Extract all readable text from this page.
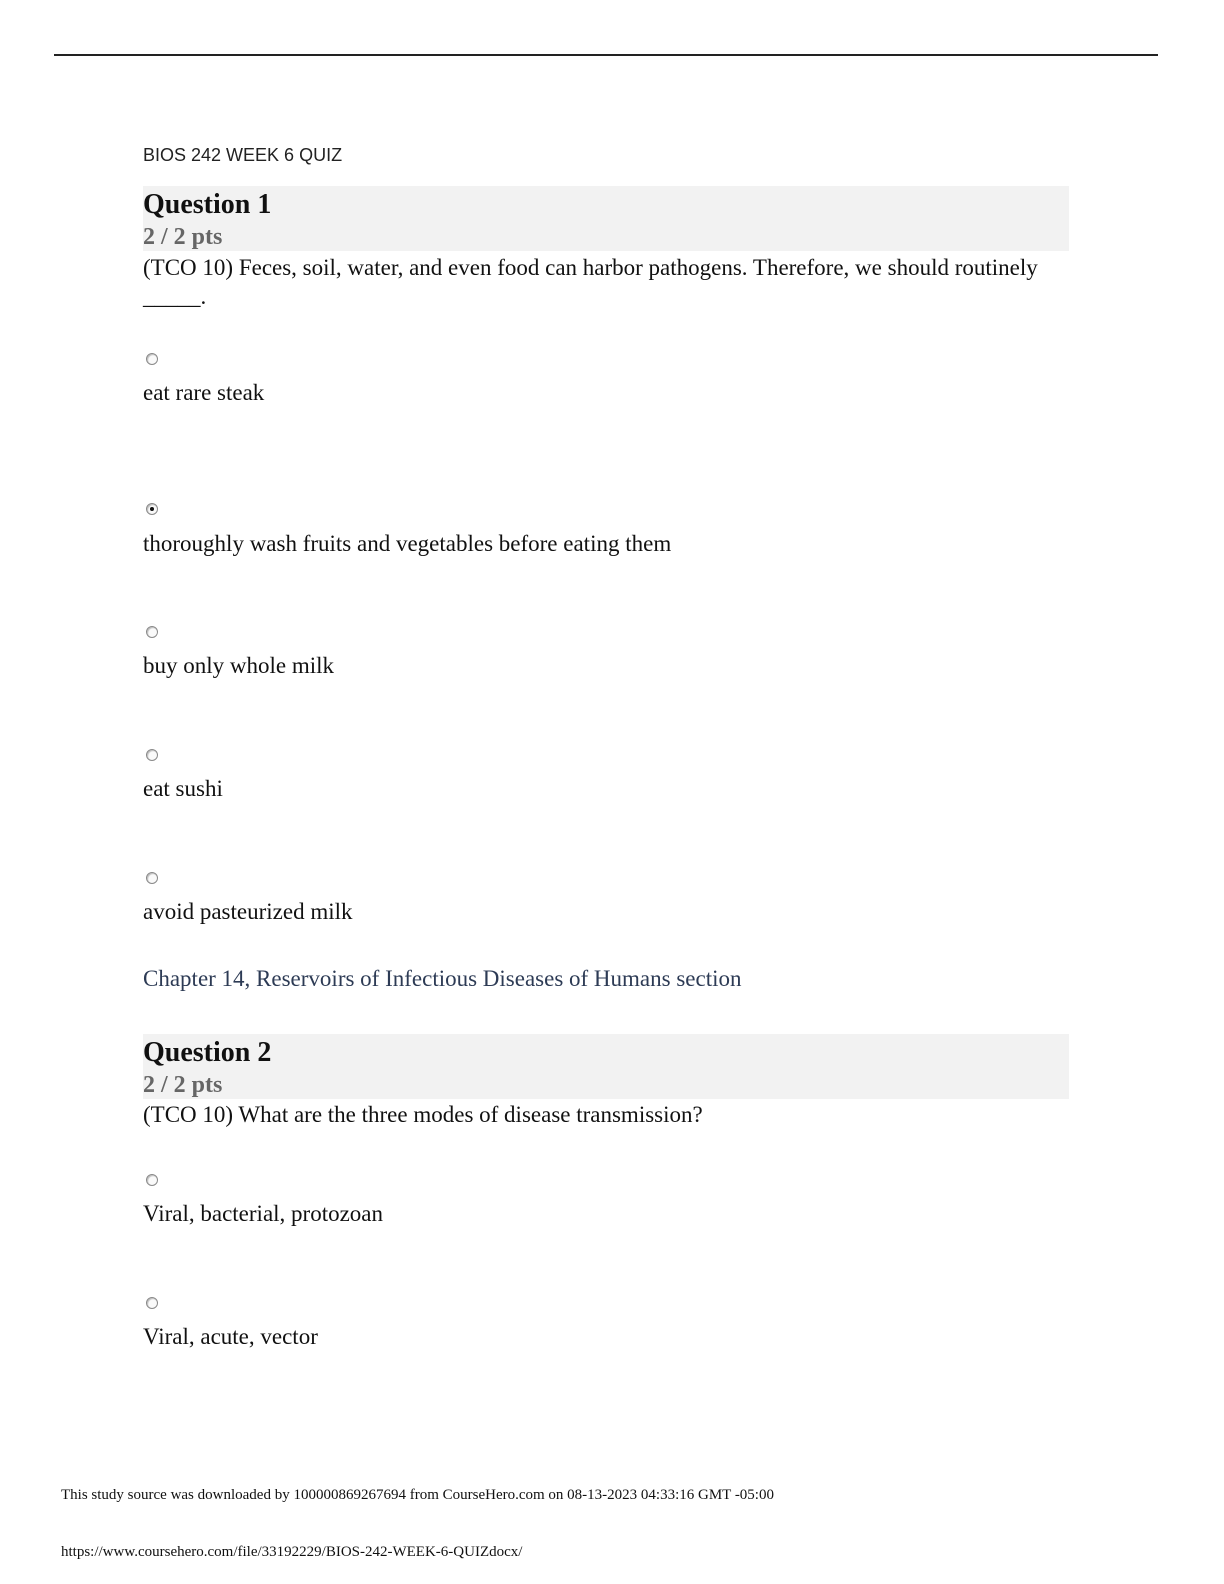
BIOS 242 WEEK 6 QUIZ
Question 1
2 / 2 pts
(TCO 10) Feces, soil, water, and even food can harbor pathogens. Therefore, we should routinely _____.
eat rare steak
thoroughly wash fruits and vegetables before eating them
buy only whole milk
eat sushi
avoid pasteurized milk
Chapter 14, Reservoirs of Infectious Diseases of Humans section
Question 2
2 / 2 pts
(TCO 10) What are the three modes of disease transmission?
Viral, bacterial, protozoan
Viral, acute, vector
This study source was downloaded by 100000869267694 from CourseHero.com on 08-13-2023 04:33:16 GMT -05:00
https://www.coursehero.com/file/33192229/BIOS-242-WEEK-6-QUIZdocx/
